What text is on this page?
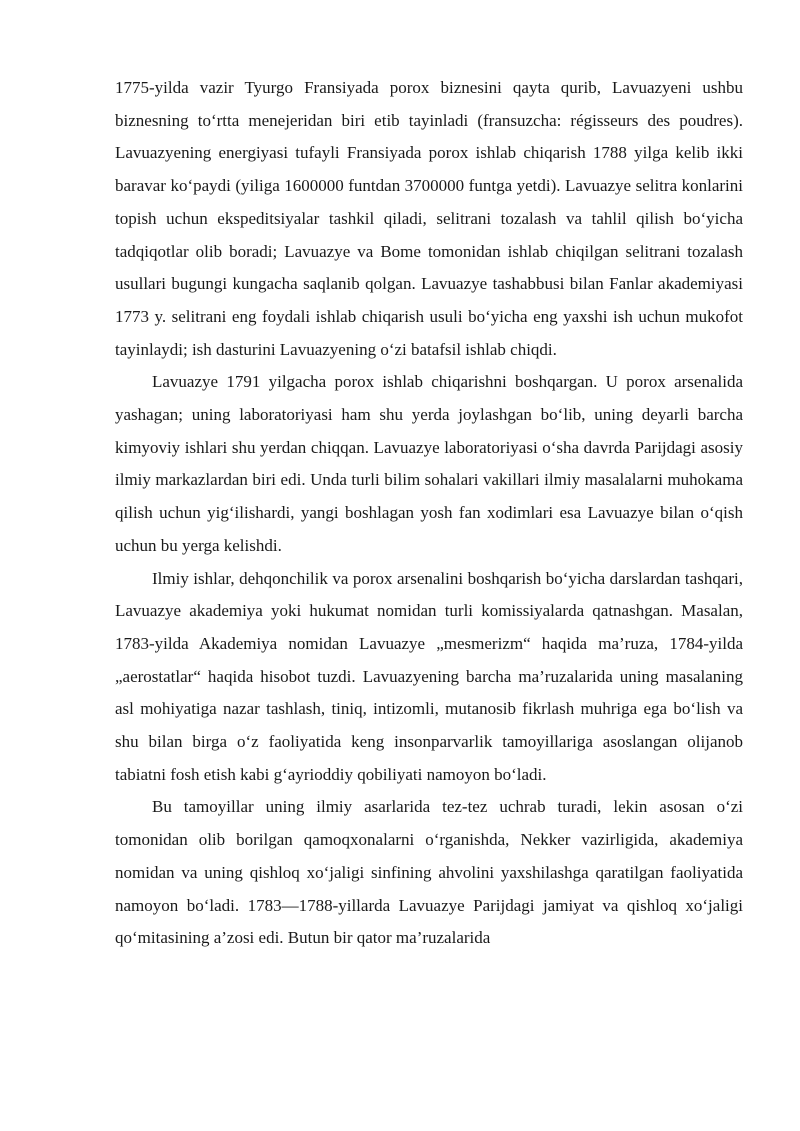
1775-yilda vazir Tyurgo Fransiyada porox biznesini qayta qurib, Lavuazyeni ushbu biznesning to‘rtta menejeridan biri etib tayinladi (fransuzcha: régisseurs des poudres). Lavuazyening energiyasi tufayli Fransiyada porox ishlab chiqarish 1788 yilga kelib ikki baravar ko‘paydi (yiliga 1600000 funtdan 3700000 funtga yetdi). Lavuazye selitra konlarini topish uchun ekspeditsiyalar tashkil qiladi, selitrani tozalash va tahlil qilish bo‘yicha tadqiqotlar olib boradi; Lavuazye va Bome tomonidan ishlab chiqilgan selitrani tozalash usullari bugungi kungacha saqlanib qolgan. Lavuazye tashabbusi bilan Fanlar akademiyasi 1773 y. selitrani eng foydali ishlab chiqarish usuli bo‘yicha eng yaxshi ish uchun mukofot tayinlaydi; ish dasturini Lavuazyening o‘zi batafsil ishlab chiqdi.

Lavuazye 1791 yilgacha porox ishlab chiqarishni boshqargan. U porox arsenalida yashagan; uning laboratoriyasi ham shu yerda joylashgan bo‘lib, uning deyarli barcha kimyoviy ishlari shu yerdan chiqqan. Lavuazye laboratoriyasi o‘sha davrda Parijdagi asosiy ilmiy markazlardan biri edi. Unda turli bilim sohalari vakillari ilmiy masalalarni muhokama qilish uchun yig‘ilishardi, yangi boshlagan yosh fan xodimlari esa Lavuazye bilan o‘qish uchun bu yerga kelishdi.

Ilmiy ishlar, dehqonchilik va porox arsenalini boshqarish bo‘yicha darslardan tashqari, Lavuazye akademiya yoki hukumat nomidan turli komissiyalarda qatnashgan. Masalan, 1783-yilda Akademiya nomidan Lavuazye „mesmerizm“ haqida ma’ruza, 1784-yilda „aerostatlar“ haqida hisobot tuzdi. Lavuazyening barcha ma’ruzalarida uning masalaning asl mohiyatiga nazar tashlash, tiniq, intizomli, mutanosib fikrlash muhriga ega bo‘lish va shu bilan birga o‘z faoliyatida keng insonparvarlik tamoyillariga asoslangan olijanob tabiatni fosh etish kabi g‘ayrioddiy qobiliyati namoyon bo‘ladi.

Bu tamoyillar uning ilmiy asarlarida tez-tez uchrab turadi, lekin asosan o‘zi tomonidan olib borilgan qamoqxonalarni o‘rganishda, Nekker vazirligida, akademiya nomidan va uning qishloq xo‘jaligi sinfining ahvolini yaxshilashga qaratilgan faoliyatida namoyon bo‘ladi. 1783—1788-yillarda Lavuazye Parijdagi jamiyat va qishloq xo‘jaligi qo‘mitasining a’zosi edi. Butun bir qator ma’ruzalarida
